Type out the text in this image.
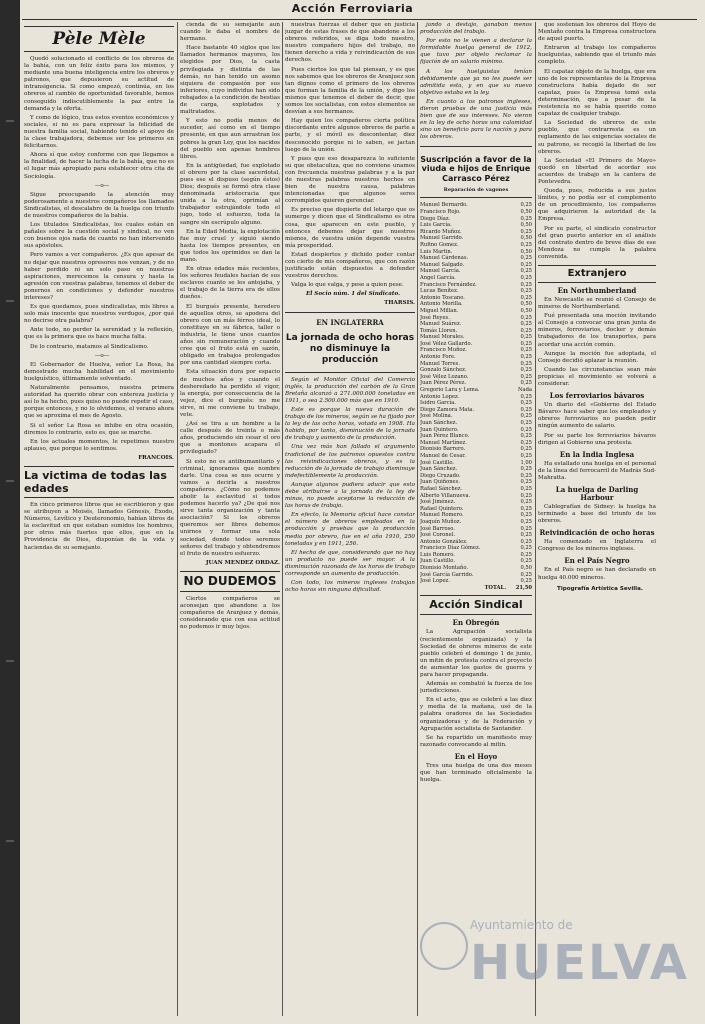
Acción Ferroviaria
Pèle Mèle

Quedó solucionado el conflicto de los obreros de la bahía, con un feliz éxito para los mismos, y mediante una buena inteligencia entre los obreros y patronos, que depusieron su actitud de intransigencia. Si como empezó, continúa, en los obreros al cambio de oportunidad favorable, hemos conseguido indiscutiblemente la paz entre la demanda y la oferta.

Y como de lógico, tras estos eventos económicos y sociales, si no es para expresar la felicidad de nuestra familia social, habiendo tenido el apoyo de la clase trabajadora, debemos ser los primeros en felicitarnos.

Ahora sí que estoy conforme con que llegamos a la finalidad, de hacer la lucha de la bahía, que no es el lugar más apropiado para establecer otra cita de Sociología.

—o—

Sigue preocupando la atención muy poderosamente a nuestros compañeros los llamados Sindicalistas, el descalabro de la huelga con triunfo de nuestros compañeros de la bahía.

Los titulados Sindicalistas, los cuales están en pañales sobre la cuestión social y sindical, no ven con buenos ojos nada de cuanto no han intervenido sus apóstoles.

Pero vamos a ver compañeros. ¿Es que apesar de no dejar que nuestros opresores nos venzan, y de no haber perdido ni un solo paso en nuestras aspiraciones, merecemos la censura y hasta la agresión con vuestras palabras, tenemos el deber de ponernos en condiciones y defender nuestros intereses?

Es que quedamos, pues sindicalistas, mis libres a solo más inocente que nuestros verdugos, ¿por qué no decirse otra palabra?

Ante todo, no perder la serenidad y la reflexión, que es la primera que os hace mucha falta.

De lo contrario, matamos al Sindicalismo.

—o—

El Gobernador de Huelva, señor La Rosa, ha demostrado mucha habilidad en el movimiento huelguístico, últimamente solventado.

Naturalmente pensamos, nuestra primera autoridad ha querido obrar con entereza justicia y así lo ha hecho, pues quiso no puede repetir el caso, porque entonces, y no lo olvidemos, el verano ahora que se aproxima el mes de Agosto.

Si el señor La Rosa se inhibe en otra ocasión, diremos lo contrario, esto es, que se marche.

En los actuales momentos, le repetimos nuestro aplauso, que porque lo sentimos.

FRANCOIS.

La victima de todas las edades

En cinco primeros libros que se escribieron y que se atribuyen a Moisés, llamados Génesis, Éxodo, Números, Levítico y Deuteronomio, habían libros de la esclavitud en que estaban sumidos los hombres, por otros más fuertes que ellos, que en la Providencia de Dios, disponían de la vida y haciendas de su semejante.

cienda de su semejante aun cuando le daba el nombre de hermano.

Hace bastante 40 siglos que los llamados hermanos mayores, los elegidos por Dios, la casta privilegiada y distinta de las demás, no han tenido un asomo siquiera de compasión por sus inferiores, cuyo individuo han sido rebajados a la condición de bestias de carga, explotados y maltratados.

Y esto no podía menos de suceder, así como en el tiempo presente, en que aun arrastran los pobres la gran Ley, que los nacidos del pueblo son apenas hombres libres.

En la antigüedad, fue explotado el obrero por la clase sacerdotal, pues ese el dispuso (según éstos) Dios; después se formó otra clase denominada aristocracia que unida a la otra, oprimían al trabajador estrujándole todo el jugo, todo el esfuerzo, toda la sangre sin escrúpulo alguno.

En la Edad Media, la explotación fue muy cruel y siguió siendo hasta los tiempos presentes, en que todos los oprimidos se dan la mano.

En otras edades más recientes, los señores feudales hacían de sus esclavos cuanto se les antojaba, y el trabajo de la tierra era de ellos dueños.

El burgués presente, heredero de aquellos otros, se apodera del obrero con un más férreo ideal, lo constituye en su fábrica, taller o industria, le tiene unos cuantos años sin remuneración y cuando cree que el fruto está en sazón, obligado en trabajos prolongados por una cantidad siempre corta.

Esta situación dura por espacio de muchos años y cuando el desheredado ha perdido el vigor, la energía, por consecuencia de la vejez, dice el burgués: no me sirve, ni me conviene tu trabajo, vete.

¿Así se tira a un hombre a la calle después de treinta o más años, produciendo sin cesar el oro que a montones acapara el privilegiado?

Si esto no es antihumanitario y criminal, ignoramos que nombre darle. Una cosa se nos ocurre y vamos a decirla a nuestros compañeros. ¿Cómo no podemos abolir la esclavitud si todos podemos hacerlo ya? ¿De qué nos sirve tanta organización y tanta asociación? Si los obreros queremos ser libres debemos unirnos y formar una sola sociedad, donde todos seremos señores del trabajo y obtendremos el fruto de nuestro esfuerzo.

JUAN MENDEZ ORDAZ.

NO DUDEMOS

Ciertos compañeros se aconsejan que abandone a los compañeros de Aranjuez y demás, considerando que con esa actitud no podemos ir muy lejos.

nuestras fuerzas el deber que en justicia juzgar de estas frases de que abandone a los obreros referidos, se diga todo nuestro, nuestro compañero hijos del trabajo, no tienen derecho a vida y reivindicación de sus derechos.

Pues ciertos los que tal piensan, y es que nos sabemos que los obreros de Aranjuez son tan dignos como el primero de los obreros que forman la familia de la unión, y digo los mismos que tenemos el deber de decir, que somos los socialistas, con estos elementos se desvían a sus hermanos.

Hay quien los compañeros cierta política discordante entre algunos obreros de parte a parte, y el móvil es descontentar, diez desconocido porque ni lo saben, se jactan luego de la unión.

Y pues que eso desaparezca lo suficiente su que obstaculiza, que no conviene unamos con frecuencia nuestras palabras y a la par de nuestras palabras nuestros hechos en bien de nuestra causa, palabras intencionadas que algunos seres corrompidos quieren gerenciar.

Es preciso que dispierte del letargo que os sumerge y dicen que el Sindicalismo es otra cosa, que aparecen en este pueblo, y entonces debemos dejar que nuestros mismos, de vuestra unión depende vuestra mía prosperidad.

Estad despiertos y dichido poder contar con cierto de mis compañeros, que con razón justificado están dispuestos a defender vuestros derechos.

Valga lo que valga, y pese a quien pese.

El Socio núm. 1 del Sindicato.

THARSIS.

EN INGLATERRA
La jornada de ocho horas no disminuye la producción

Según el Monitor Oficial del Comercio inglés, la producción del carbón de la Gran Bretaña alcanzó a 271.000.000 toneladas en 1911, o sea 2.500.000 más que en 1910.

Este es porque la nueva duración de trabajo de los mineros, según se ha fijado por la ley de las ocho horas, votada en 1908. Ha habido, por tanto, disminución de la jornada de trabajo y aumento de la producción.

Una vez más han fallado el argumento tradicional de los patronos opuestos contra las reivindicaciones obreras, y es la reducción de la jornada de trabajo disminuye indefectiblemente la producción.

Aunque algunos pudiera aducir que esto debe atribuirse a la jornada de la ley de minas, no puede aceptarse la reducción de las horas de trabajo.

En efecto, la Memoria oficial hace constar el número de obreros empleados en la producción y pruebas que la producción media por obrero, fue en el año 1910, 250 toneladas y en 1911, 256.

El hecho de que, considerando que no hay un producto no puede ser mayor. A la disminución razonada de las horas de trabajo corresponde un aumento de producción.

Con todo, los mineros ingleses trabajan ocho horas sin ninguna dificultad.

jando a destajo, ganaban menos producción del trabajo.

Por esto no le vienen a declarar la formidable huelga general de 1912, que tuvo por objeto reclamar la fijación de un salario mínimo.

A los huelguistas tenían debidamente que ya no les puede ser admitida esta, y en que su nuevo objetivo estaba en la ley.

En cuanto a los patronos ingleses, dieron pruebas de una justicia más bien que de sus intereses. No vieron en la ley de ocho horas una calamidad sino un beneficio para la nación y para los obreros.

Suscripción a favor de la viuda e hijos de Enrique Carrasco Pérez
Reparación de vagones
Manuel Bernardo.	0,25
Francisco Rojo.	0,50
Diego Díaz.	0,25
Luis García.	0,50
Ricardo Muñoz.	0,25
Manuel Garrido.	0,50
Rufino Gomez.	0,25
Luis Martin.	0,50
Manuel Cárdenas.	0,25
Manuel Salgado.	0,25
Manuel García.	0,25
Angel García.	0,25
Francisco Fernández.	0,25
Lucas Benítez.	0,25
Antonio Toscano.	0,25
Antonio Morilla.	0,50
Miguel Millan.	0,50
José Reyes.	0,25
Manuel Suárez.	0,25
Tomás Lloren.	0,25
Manuel Morales.	0,25
José Vélez Gallardo.	0,25
Francisco Muñoz.	0,25
Antonio Fore.	0,25
Manuel Torres.	0,25
Gonzalo Sánchez.	0,25
José Vélez Lozano.	0,25
Juan Pérez Pérez.	0,25
Gregorio Lara y Lema.	Nada
Antonio Lopez.	0,25
Isidro García.	0,25
Diego Zamora Mata.	0,25
José Molina.	0,25
Juan Sánchez.	0,25
Juan Quintero.	0,25
Juan Pérez Blanco.	0,25
Manuel Martínez.	0,25
Dionisio Barrero.	0,25
Manuel de Cesar.	0,25
José Castillo.	1,00
Juan Sánchez.	0,25
Diego Cruzado.	0,25
Juan Quiñones.	0,25
Rafael Sánchez.	0,25
Alberto Villanueva.	0,25
José Jiménez.	0,25
Rafael Quintero.	0,25
Manuel Romero.	0,25
Joaquín Muñoz.	0,25
José Barroso.	0,25
José Coronel.	0,25
Antonio González.	0,25
Francisco Díaz Gómez.	0,25
Luis Romero.	0,25
Juan Castillo.	0,25
Dionisio Montaño.	0,50
José García Garrido.	0,25
José Lopez.	0,25
TOTAL.	21,50
Acción Sindical
En Obregón

La Agrupación socialista (recientemente organizada) y la Sociedad de obreros mineros de este pueblo celebró el domingo 1 de junio, un mitin de protesta contra el proyecto de aumentar los gastos de guerra y para hacer propaganda.

Además se combatió la fuerza de los jurisdicciones.

En el acto, que se celebró a las diez y media de la mañana, usó de la palabra oradores de las Sociedades organizadoras y de la Federación y Agrupación socialista de Santander.

Se ha repartido un manifiesto muy razonado convocando al mitin.

En el Hoyo

Tres una huelga de una dos meses que han terminado oficialmente la huelga.

que sostenían los obreros del Hoyo de Mentaño contra la Empresa constructora de aquel puerto.

Entraron al trabajo los compañeros huelguistas, sabiendo que el triunfo más completo.

El capataz objeto de la huelga, que era uno de los representantes de la Empresa constructora había dejado de ser capataz, pues la Empresa tomó esta determinación, que a pesar de la resistencia no se había querido como capataz de cualquier trabajo.

La Sociedad de obreros de este pueblo, que contrarresta es un reglamento de las exigencias sociales de su patrono, se recogió la libertad de los obreros.

La Sociedad «El Primero de Mayo» quedó en libertad de acordar sus acuerdos de trabajo en la cantera de Pontevedra.

Queda, pues, reducida a sus justos límites, y no podía ser el complemento de un procedimiento, los compañeros que adquirieron la autoridad de la Empresa.

Por su parte, el sindicato constructor del gran puerto anterior en el análisis del contrato dentro de breve días de ese Mendoza no cumple la palabra convenida.

Extranjero
En Northumberland

En Newcastle se reunió el Consejo de mineros de Northumberland.

Fué presentada una moción invitando al Consejo a convocar una gran junta de mineros, ferroviarios, docker y demás trabajadores de los transportes, para acordar una acción común.

Aunque la moción fue adoptada, el Consejo decidió aplazar la reunión.

Cuando las circunstancias sean más propicias el movimiento se volverá a considerar.

Los ferroviarios bávaros

Un diario del «Gobierno del Estado Bávaro» hace saber que los empleados y obreros ferroviarios no pueden pedir ningún aumento de salario.

Por su parte los ferroviarios bávaros dirigen al Gobierno una protesta.

En la India Inglesa

Ha estallado una huelga en el personal de la línea del ferrocarril de Madrás Sud-Mahratta.

La huelga de Darling Harbour

Cablegrafían de Sidney: la huelga ha terminado a base del triunfo de los obreros.

Reivindicación de ocho horas

Ha comenzado en Inglaterra el Congreso de los mineros ingleses.

En el País Negro

En el País negro se han declarado en huelga 40.000 mineros.

Tipografía Artística Sevilla.

Ayuntamiento de
HUELVA
